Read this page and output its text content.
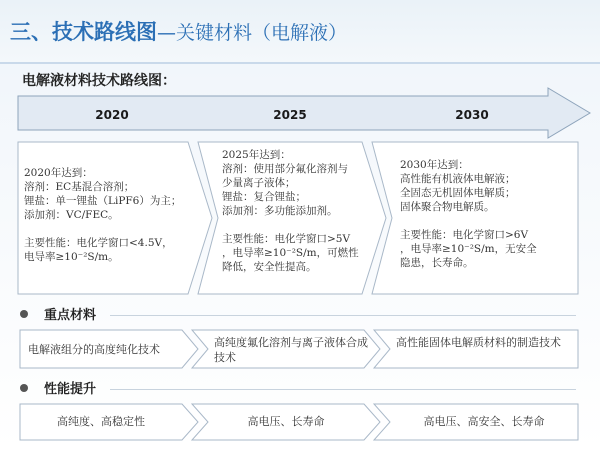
三、技术路线图—关键材料（电解液）
电解液材料技术路线图：
2020	2025	2030
2020年达到：
溶剂：EC基混合溶剂；
锂盐：单一锂盐（LiPF6）为主；
添加剂：VC/FEC。

主要性能：电化学窗口<4.5V，
电导率≥10⁻²S/m。
2025年达到：
溶剂：使用部分氟化溶剂与
少量离子液体；
锂盐：复合锂盐；
添加剂：多功能添加剂。

主要性能：电化学窗口>5V
，电导率≥10⁻²S/m，可燃性
降低，安全性提高。
2030年达到：
高性能有机液体电解液；
全固态无机固体电解质；
固体聚合物电解质。

主要性能：电化学窗口>6V
，电导率≥10⁻²S/m，无安全
隐患，长寿命。
重点材料
电解液组分的高度纯化技术
高纯度氟化溶剂与离子液体合成技术
高性能固体电解质材料的制造技术
性能提升
高纯度、高稳定性	高电压、长寿命	高电压、高安全、长寿命
